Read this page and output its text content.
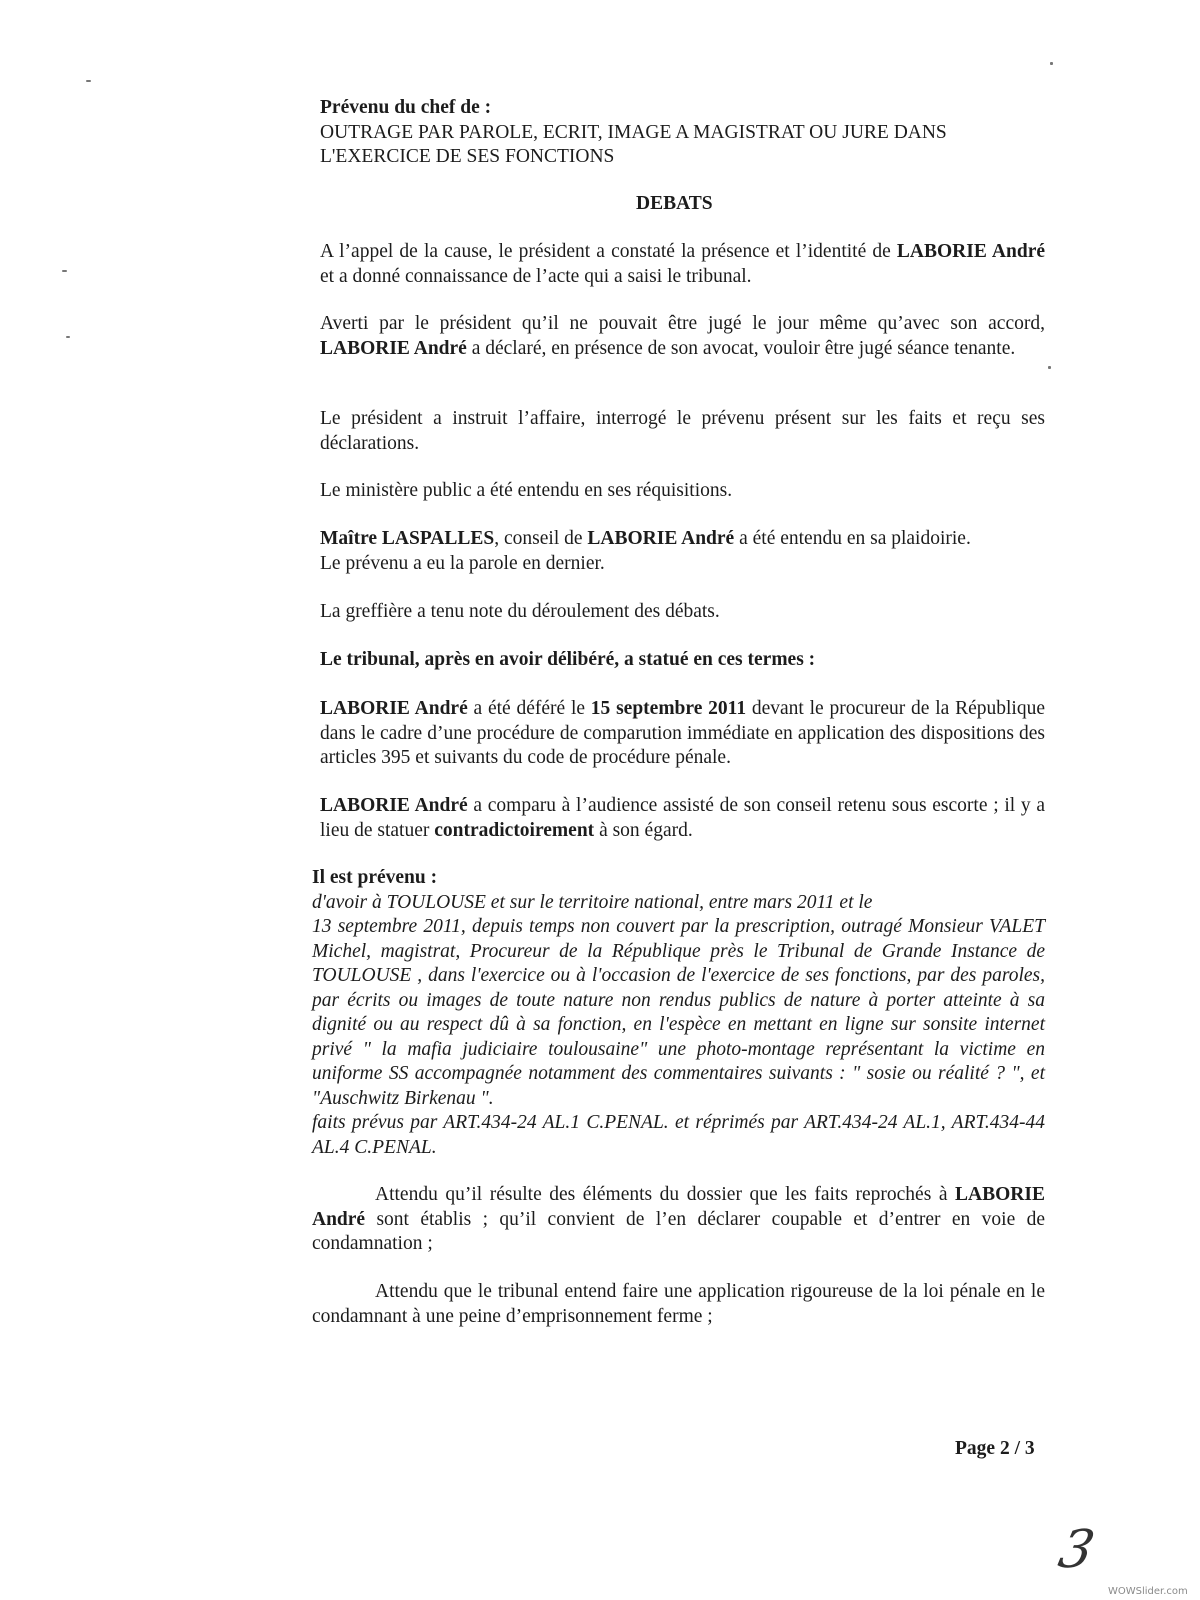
Prévenu du chef de :
OUTRAGE PAR PAROLE, ECRIT, IMAGE A MAGISTRAT OU JURE DANS
L'EXERCICE DE SES FONCTIONS
DEBATS
A l’appel de la cause, le président a constaté la présence et l’identité de LABORIE André et a donné connaissance de l’acte qui a saisi le tribunal.
Averti par le président qu’il ne pouvait être jugé le jour même qu’avec son accord, LABORIE André a déclaré, en présence de son avocat, vouloir être jugé séance tenante.
Le président a instruit l’affaire, interrogé le prévenu présent sur les faits et reçu ses déclarations.
Le ministère public a été entendu en ses réquisitions.
Maître LASPALLES, conseil de LABORIE André a été entendu en sa plaidoirie.
Le prévenu a eu la parole en dernier.
La greffière a tenu note du déroulement des débats.
Le tribunal, après en avoir délibéré, a statué en ces termes :
LABORIE André a été déféré le 15 septembre 2011 devant le procureur de la République dans le cadre d’une procédure de comparution immédiate en application des dispositions des articles 395 et suivants du code de procédure pénale.
LABORIE André a comparu à l’audience assisté de son conseil retenu sous escorte ; il y a lieu de statuer contradictoirement à son égard.
Il est prévenu :
d'avoir à TOULOUSE et sur le territoire national, entre mars 2011 et le
13 septembre 2011, depuis temps non couvert par la prescription, outragé Monsieur VALET Michel, magistrat, Procureur de la République près le Tribunal de Grande Instance de TOULOUSE , dans l'exercice ou à l'occasion de l'exercice de ses fonctions, par des paroles, par écrits ou images de toute nature non rendus publics de nature à porter atteinte à sa dignité ou au respect dû à sa fonction, en l'espèce en mettant en ligne sur sonsite internet privé " la mafia judiciaire toulousaine" une photo-montage représentant la victime en uniforme SS accompagnée notamment des commentaires suivants : " sosie ou réalité ? ", et "Auschwitz Birkenau ".
faits prévus par ART.434-24 AL.1 C.PENAL. et réprimés par ART.434-24 AL.1, ART.434-44 AL.4 C.PENAL.
Attendu qu’il résulte des éléments du dossier que les faits reprochés à LABORIE André sont établis ; qu’il convient de l’en déclarer coupable et d’entrer en voie de condamnation ;
Attendu que le tribunal entend faire une application rigoureuse de la loi pénale en le condamnant à une peine d’emprisonnement ferme ;
Page 2 / 3
3
WOWSlider.com
